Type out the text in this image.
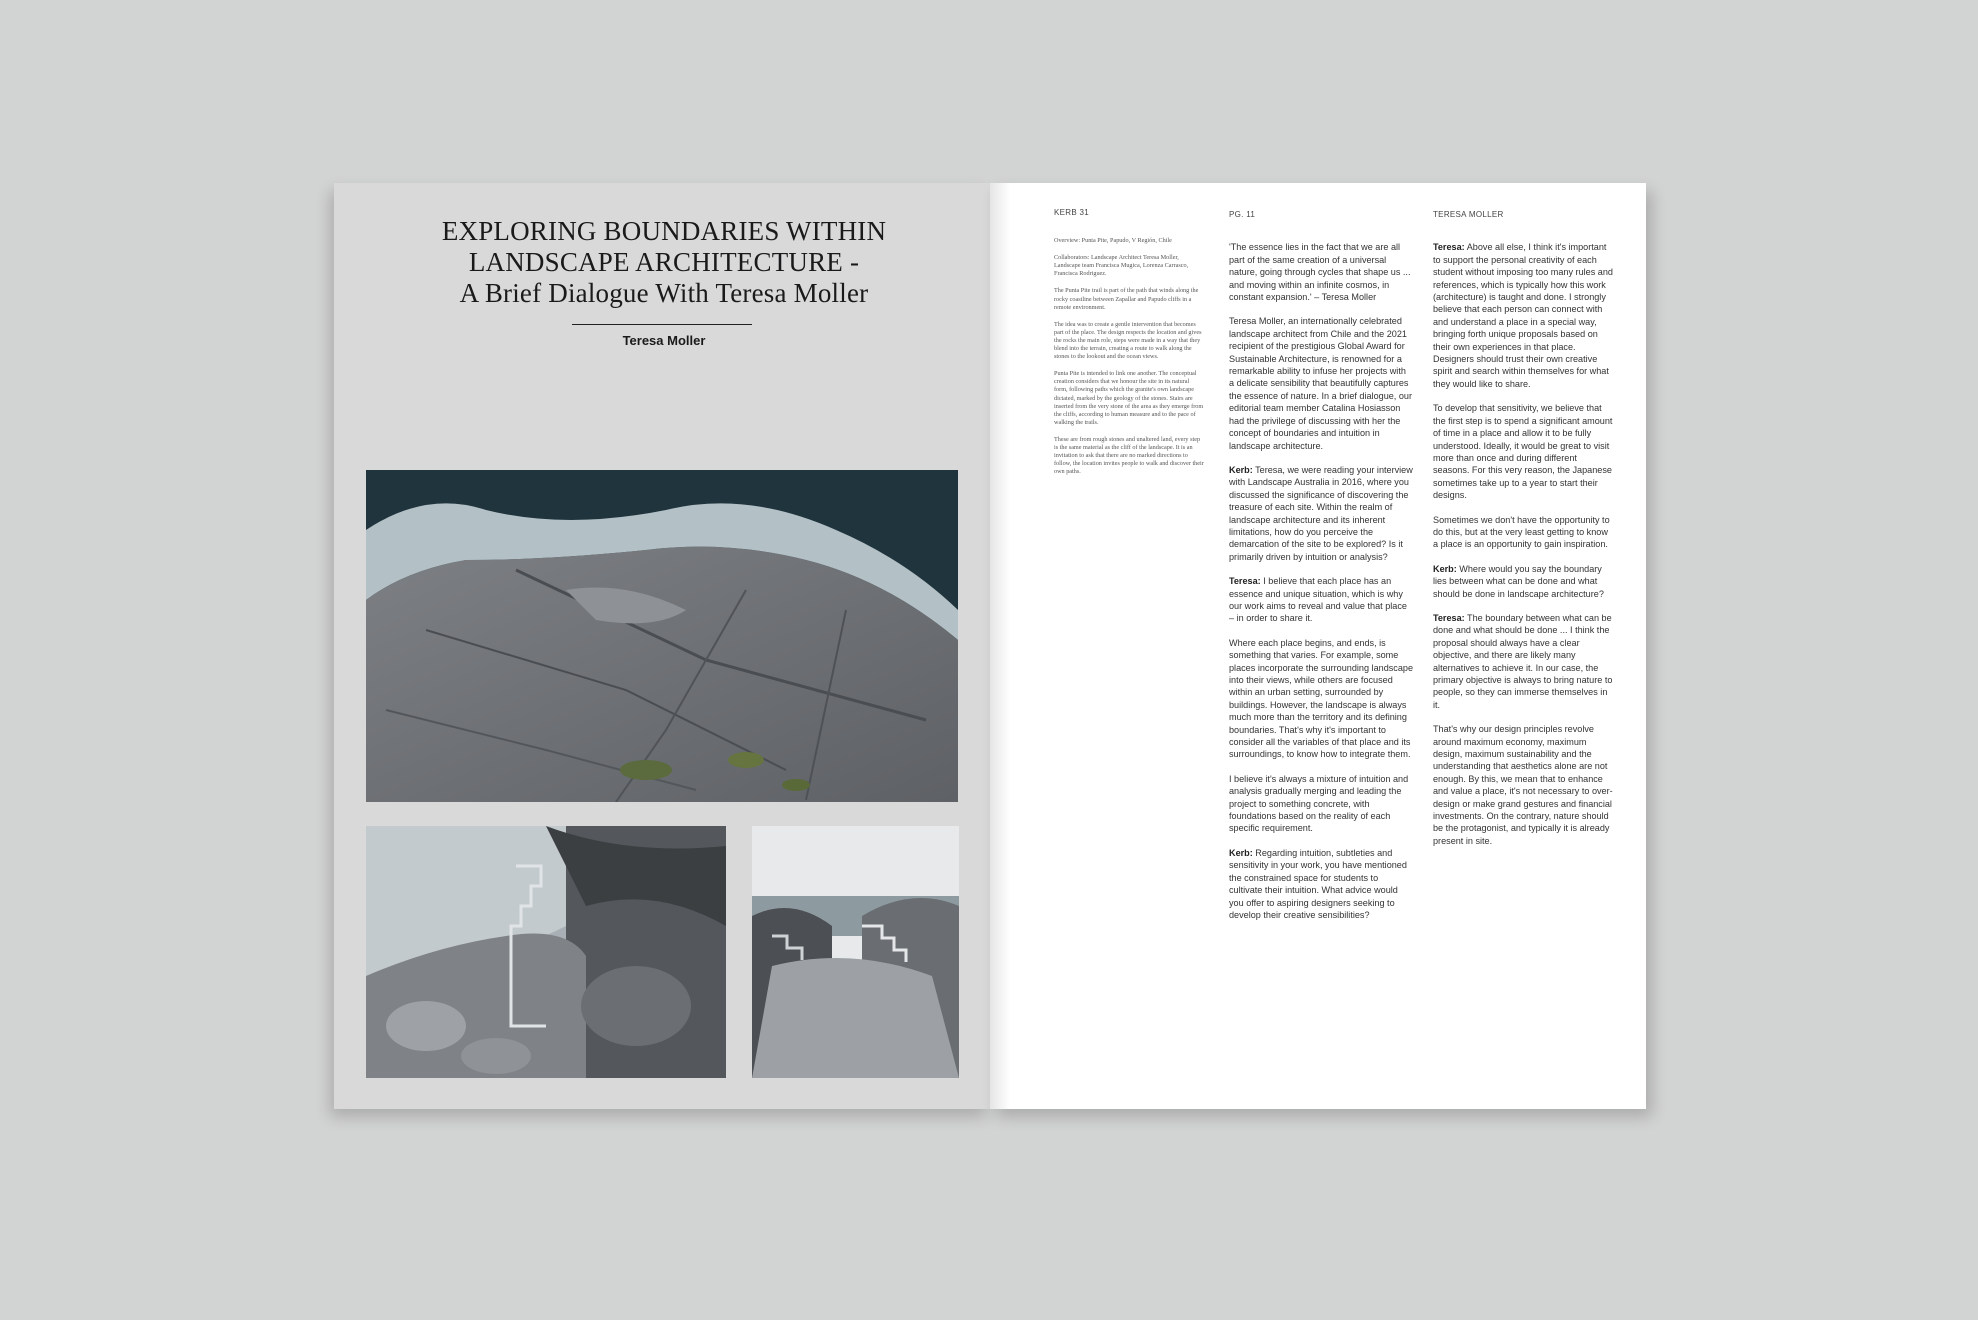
EXPLORING BOUNDARIES WITHIN
LANDSCAPE ARCHITECTURE -
A Brief Dialogue With Teresa Moller
Teresa Moller
KERB 31

Overview: Punta Pite, Papudo, V Región, Chile

Collaborators: Landscape Architect Teresa Moller, Landscape team Francisca Mugica, Lorenza Carrasco, Francisca Rodriguez.

The Punta Pite trail is part of the path that winds along the rocky coastline between Zapallar and Papudo cliffs in a remote environment.

The idea was to create a gentle intervention that becomes part of the place. The design respects the location and gives the rocks the main role, steps were made in a way that they blend into the terrain, creating a route to walk along the stones to the lookout and the ocean views.

Punta Pite is intended to link one another. The conceptual creation considers that we honour the site in its natural form, following paths which the granite's own landscape dictated, marked by the geology of the stones. Stairs are inserted from the very stone of the area as they emerge from the cliffs, according to human measure and to the pace of walking the trails.

These are from rough stones and unaltered land, every step is the same material as the cliff of the landscape. It is an invitation to ask that there are no marked directions to follow, the location invites people to walk and discover their own paths.

PG. 11

'The essence lies in the fact that we are all part of the same creation of a universal nature, going through cycles that shape us ... and moving within an infinite cosmos, in constant expansion.' – Teresa Moller

Teresa Moller, an internationally celebrated landscape architect from Chile and the 2021 recipient of the prestigious Global Award for Sustainable Architecture, is renowned for a remarkable ability to infuse her projects with a delicate sensibility that beautifully captures the essence of nature. In a brief dialogue, our editorial team member Catalina Hosiasson had the privilege of discussing with her the concept of boundaries and intuition in landscape architecture.

Kerb: Teresa, we were reading your interview with Landscape Australia in 2016, where you discussed the significance of discovering the treasure of each site. Within the realm of landscape architecture and its inherent limitations, how do you perceive the demarcation of the site to be explored? Is it primarily driven by intuition or analysis?

Teresa: I believe that each place has an essence and unique situation, which is why our work aims to reveal and value that place – in order to share it.

Where each place begins, and ends, is something that varies. For example, some places incorporate the surrounding landscape into their views, while others are focused within an urban setting, surrounded by buildings. However, the landscape is always much more than the territory and its defining boundaries. That's why it's important to consider all the variables of that place and its surroundings, to know how to integrate them.

I believe it's always a mixture of intuition and analysis gradually merging and leading the project to something concrete, with foundations based on the reality of each specific requirement.

Kerb: Regarding intuition, subtleties and sensitivity in your work, you have mentioned the constrained space for students to cultivate their intuition. What advice would you offer to aspiring designers seeking to develop their creative sensibilities?

TERESA MOLLER

Teresa: Above all else, I think it's important to support the personal creativity of each student without imposing too many rules and references, which is typically how this work (architecture) is taught and done. I strongly believe that each person can connect with and understand a place in a special way, bringing forth unique proposals based on their own experiences in that place. Designers should trust their own creative spirit and search within themselves for what they would like to share.

To develop that sensitivity, we believe that the first step is to spend a significant amount of time in a place and allow it to be fully understood. Ideally, it would be great to visit more than once and during different seasons. For this very reason, the Japanese sometimes take up to a year to start their designs.

Sometimes we don't have the opportunity to do this, but at the very least getting to know a place is an opportunity to gain inspiration.

Kerb: Where would you say the boundary lies between what can be done and what should be done in landscape architecture?

Teresa: The boundary between what can be done and what should be done ... I think the proposal should always have a clear objective, and there are likely many alternatives to achieve it. In our case, the primary objective is always to bring nature to people, so they can immerse themselves in it.

That's why our design principles revolve around maximum economy, maximum design, maximum sustainability and the understanding that aesthetics alone are not enough. By this, we mean that to enhance and value a place, it's not necessary to over-design or make grand gestures and financial investments. On the contrary, nature should be the protagonist, and typically it is already present in site.
